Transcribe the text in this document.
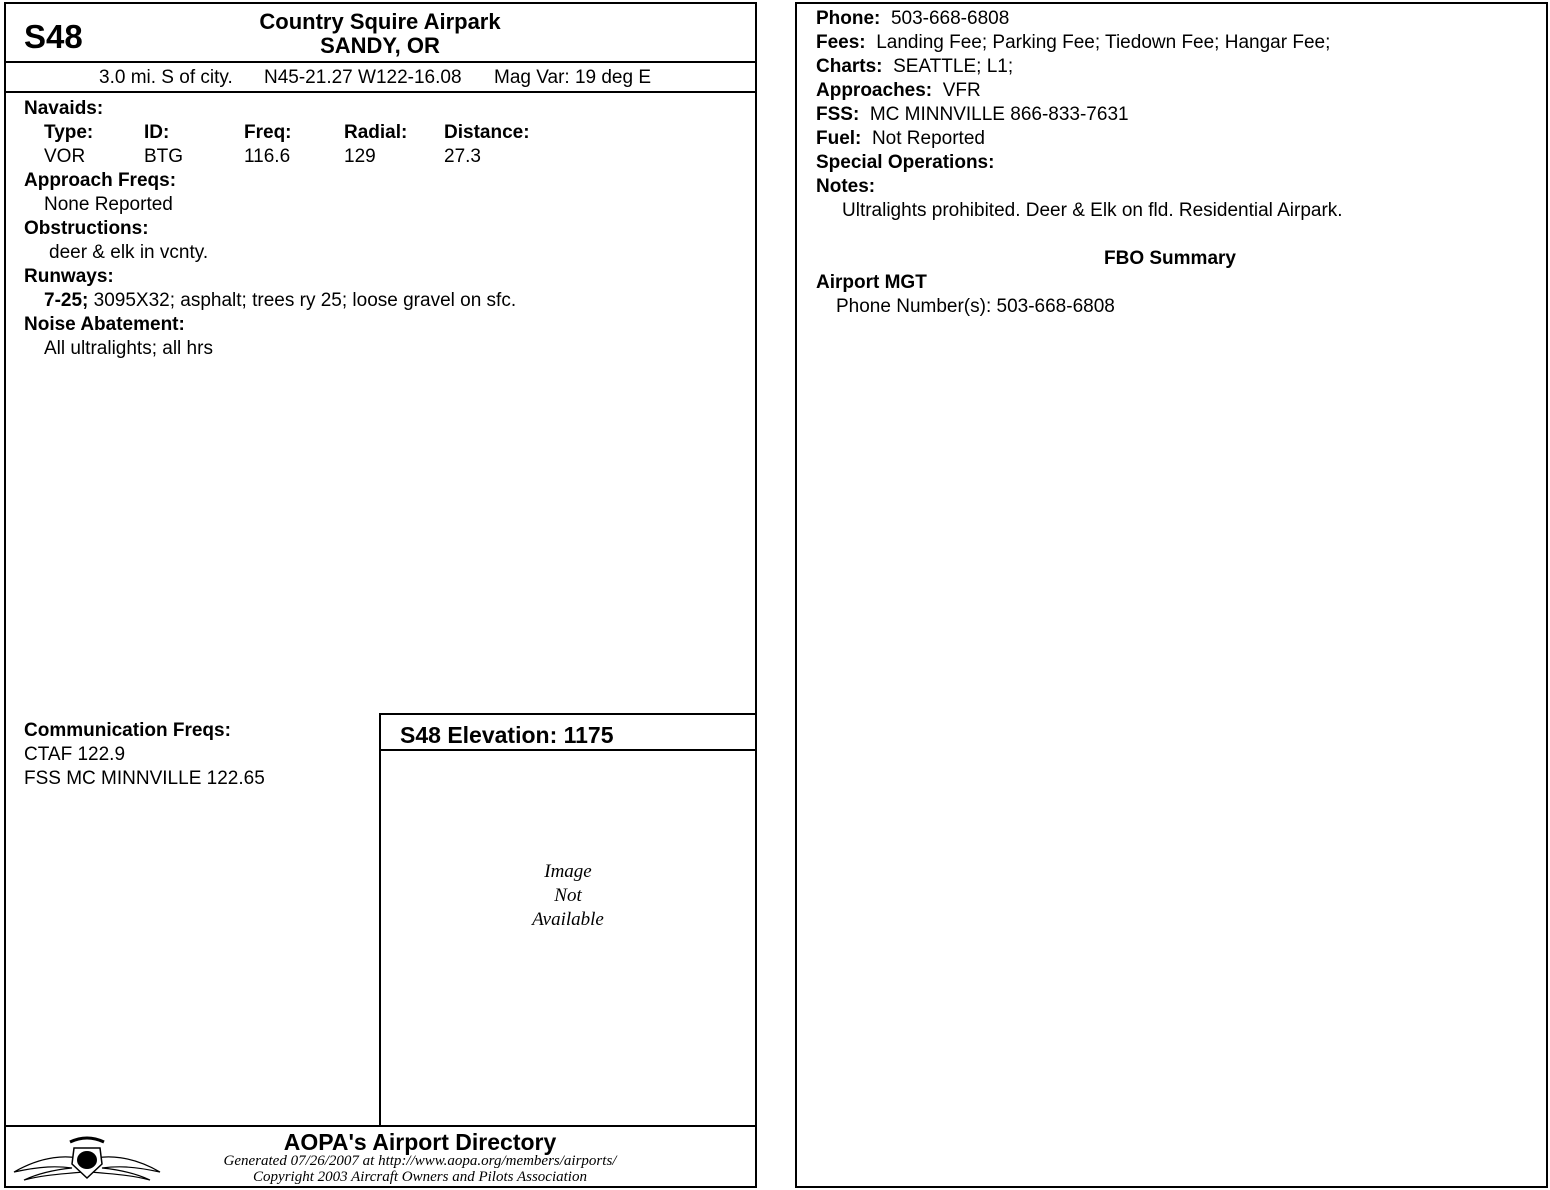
S48	Country Squire Airpark
SANDY, OR
3.0 mi. S of city. N45-21.27 W122-16.08 Mag Var: 19 deg E
Navaids:
Type:	ID:	Freq:	Radial: Distance:
VOR	BTG	116.6	129	27.3
Approach Freqs:
None Reported
Obstructions:
deer & elk in vcnty.
Runways:
7-25; 3095X32; asphalt; trees ry 25; loose gravel on sfc.
Noise Abatement:
All ultralights; all hrs
S48 Elevation: 1175
Image
Not
Available
Communication Freqs:
CTAF 122.9
FSS MC MINNVILLE 122.65
AOPA's Airport Directory
Generated 07/26/2007 at http://www.aopa.org/members/airports/
Copyright 2003 Aircraft Owners and Pilots Association
Phone: 503-668-6808
Fees: Landing Fee; Parking Fee; Tiedown Fee; Hangar Fee;
Charts: SEATTLE; L1;
Approaches: VFR
FSS: MC MINNVILLE 866-833-7631
Fuel: Not Reported
Special Operations:
Notes:
Ultralights prohibited. Deer & Elk on fld. Residential Airpark.
FBO Summary
Airport MGT
Phone Number(s): 503-668-6808
